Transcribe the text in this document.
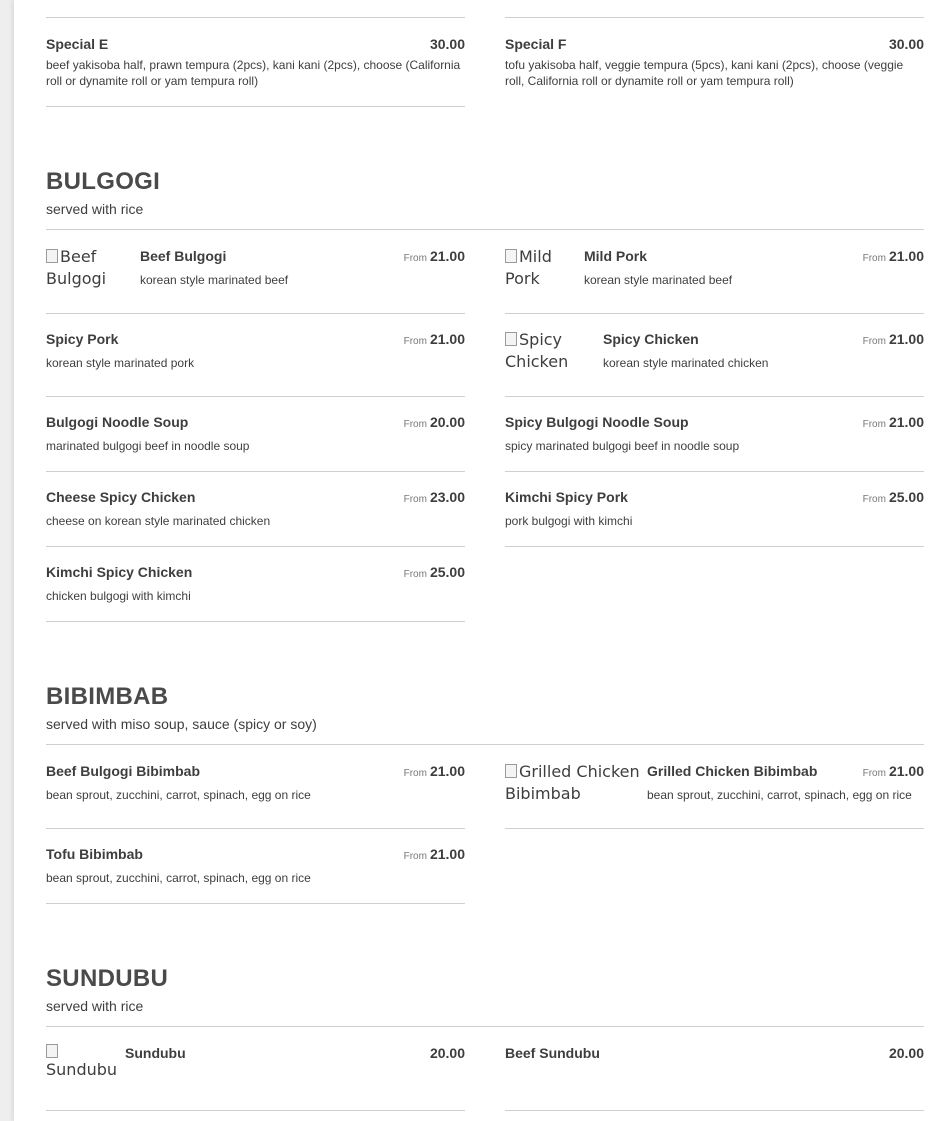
Special E	30.00
beef yakisoba half, prawn tempura (2pcs), kani kani (2pcs), choose (California roll or dynamite roll or yam tempura roll)
Special F	30.00
tofu yakisoba half, veggie tempura (5pcs), kani kani (2pcs), choose (veggie roll, California roll or dynamite roll or yam tempura roll)
BULGOGI

served with rice

Beef
Bulgogi
Beef Bulgogi	From 21.00
korean style marinated beef
Mild
Pork
Mild Pork	From 21.00
korean style marinated beef
Spicy Pork	From 21.00
korean style marinated pork
Spicy
Chicken
Spicy Chicken	From 21.00
korean style marinated chicken
Bulgogi Noodle Soup	From 20.00
marinated bulgogi beef in noodle soup
Spicy Bulgogi Noodle Soup	From 21.00
spicy marinated bulgogi beef in noodle soup
Cheese Spicy Chicken	From 23.00
cheese on korean style marinated chicken
Kimchi Spicy Pork	From 25.00
pork bulgogi with kimchi
Kimchi Spicy Chicken	From 25.00
chicken bulgogi with kimchi
BIBIMBAB

served with miso soup, sauce (spicy or soy)

Beef Bulgogi Bibimbab	From 21.00
bean sprout, zucchini, carrot, spinach, egg on rice
Grilled Chicken
Bibimbab
Grilled Chicken Bibimbab	From 21.00
bean sprout, zucchini, carrot, spinach, egg on rice
Tofu Bibimbab	From 21.00
bean sprout, zucchini, carrot, spinach, egg on rice
SUNDUBU

served with rice

Sundubu
Sundubu	20.00	Beef Sundubu	20.00
